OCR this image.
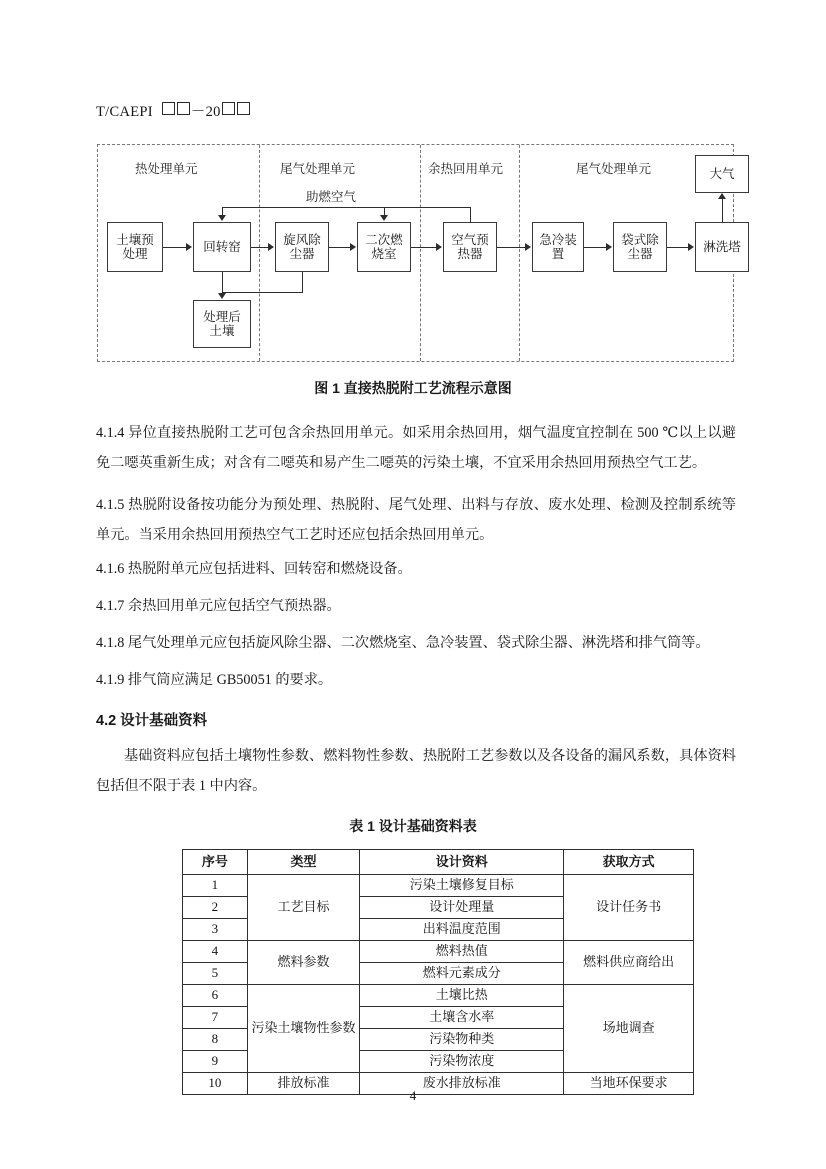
T/CAEPI	－20
热处理单元	尾气处理单元	余热回用单元	尾气处理单元
助燃空气
土壤预
处理
回转窑
旋风除
尘器
二次燃
烧室
空气预
热器
急冷装
置
袋式除
尘器
淋洗塔
大气
处理后
土壤
图 1 直接热脱附工艺流程示意图
4.1.4 异位直接热脱附工艺可包含余热回用单元。如采用余热回用，烟气温度宜控制在 500 ℃以上以避免二噁英重新生成；对含有二噁英和易产生二噁英的污染土壤，不宜采用余热回用预热空气工艺。
4.1.5 热脱附设备按功能分为预处理、热脱附、尾气处理、出料与存放、废水处理、检测及控制系统等单元。当采用余热回用预热空气工艺时还应包括余热回用单元。
4.1.6 热脱附单元应包括进料、回转窑和燃烧设备。
4.1.7 余热回用单元应包括空气预热器。
4.1.8 尾气处理单元应包括旋风除尘器、二次燃烧室、急冷装置、袋式除尘器、淋洗塔和排气筒等。
4.1.9 排气筒应满足 GB50051 的要求。
4.2 设计基础资料
基础资料应包括土壤物性参数、燃料物性参数、热脱附工艺参数以及各设备的漏风系数，具体资料包括但不限于表 1 中内容。
表 1 设计基础资料表
序号	类型	设计资料	获取方式
1	工艺目标	污染土壤修复目标	设计任务书
2		设计处理量	
3		出料温度范围	
4	燃料参数	燃料热值	燃料供应商给出
5		燃料元素成分	
6	污染土壤物性参数	土壤比热	场地调查
7		土壤含水率	
8		污染物种类	
9		污染物浓度	
10	排放标准	废水排放标准	当地环保要求
4
